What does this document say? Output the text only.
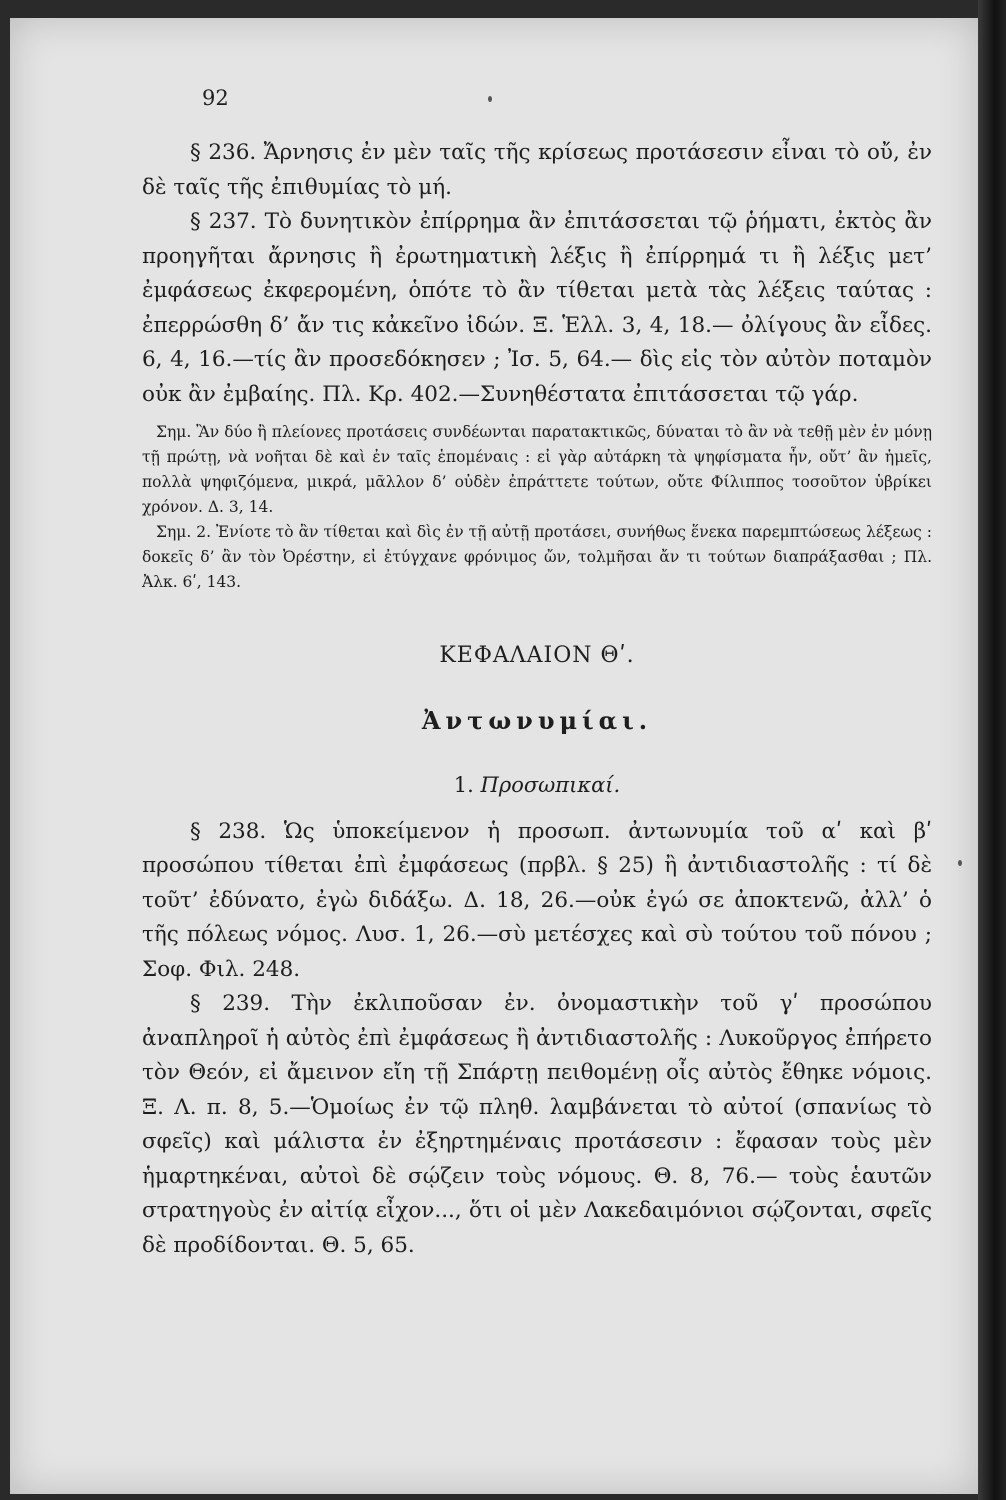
92

§ 236. Ἄρνησις ἐν μὲν ταῖς τῆς κρίσεως προτάσεσιν εἶναι τὸ οὔ, ἐν δὲ ταῖς τῆς ἐπιθυμίας τὸ μή.

§ 237. Τὸ δυνητικὸν ἐπίρρημα ἂν ἐπιτάσσεται τῷ ῥήματι, ἐκτὸς ἂν προηγῆται ἄρνησις ἢ ἐρωτηματικὴ λέξις ἢ ἐπίρρημά τι ἢ λέξις μετ’ ἐμφάσεως ἐκφερομένη, ὁπότε τὸ ἂν τίθεται μετὰ τὰς λέξεις ταύτας : ἐπερρώσθη δ’ ἄν τις κἀκεῖνο ἰδών. Ξ. Ἑλλ. 3, 4, 18.— ὀλίγους ἂν εἶδες. 6, 4, 16.—τίς ἂν προσεδόκησεν ; Ἰσ. 5, 64.— δὶς εἰς τὸν αὐτὸν ποταμὸν οὐκ ἂν ἐμβαίης. Πλ. Κρ. 402.—Συνηθέστατα ἐπιτάσσεται τῷ γάρ.

Σημ. Ἂν δύο ἢ πλείονες προτάσεις συνδέωνται παρατακτικῶς, δύναται τὸ ἂν νὰ τεθῇ μὲν ἐν μόνῃ τῇ πρώτῃ, νὰ νοῆται δὲ καὶ ἐν ταῖς ἑπομέναις : εἰ γὰρ αὐτάρκη τὰ ψηφίσματα ἦν, οὔτ’ ἂν ἡμεῖς, πολλὰ ψηφιζόμενα, μικρά, μᾶλλον δ’ οὐδὲν ἐπράττετε τούτων, οὔτε Φίλιππος τοσοῦτον ὑβρίκει χρόνον. Δ. 3, 14.

Σημ. 2. Ἐνίοτε τὸ ἂν τίθεται καὶ δὶς ἐν τῇ αὐτῇ προτάσει, συνήθως ἕνεκα παρεμπτώσεως λέξεως : δοκεῖς δ’ ἂν τὸν Ὀρέστην, εἰ ἐτύγχανε φρόνιμος ὤν, τολμῆσαι ἄν τι τούτων διαπράξασθαι ; Πλ. Ἀλκ. 6ʹ, 143.

ΚΕΦΑΛΑΙΟΝ Θʹ.
Ἀντωνυμίαι.
1. Προσωπικαί.

§ 238. Ὡς ὑποκείμενον ἡ προσωπ. ἀντωνυμία τοῦ αʹ καὶ βʹ προσώπου τίθεται ἐπὶ ἐμφάσεως (πρβλ. § 25) ἢ ἀντιδιαστολῆς : τί δὲ τοῦτ’ ἐδύνατο, ἐγὼ διδάξω. Δ. 18, 26.—οὐκ ἐγώ σε ἀποκτενῶ, ἀλλ’ ὁ τῆς πόλεως νόμος. Λυσ. 1, 26.—σὺ μετέσχες καὶ σὺ τούτου τοῦ πόνου ; Σοφ. Φιλ. 248.

§ 239. Τὴν ἐκλιποῦσαν ἐν. ὀνομαστικὴν τοῦ γʹ προσώπου ἀναπληροῖ ἡ αὐτὸς ἐπὶ ἐμφάσεως ἢ ἀντιδιαστολῆς : Λυκοῦργος ἐπήρετο τὸν Θεόν, εἰ ἄμεινον εἴη τῇ Σπάρτῃ πειθομένῃ οἷς αὐτὸς ἔθηκε νόμοις. Ξ. Λ. π. 8, 5.—Ὁμοίως ἐν τῷ πληθ. λαμβάνεται τὸ αὐτοί (σπανίως τὸ σφεῖς) καὶ μάλιστα ἐν ἐξηρτημέναις προτάσεσιν : ἔφασαν τοὺς μὲν ἡμαρτηκέναι, αὐτοὶ δὲ σῴζειν τοὺς νόμους. Θ. 8, 76.— τοὺς ἑαυτῶν στρατηγοὺς ἐν αἰτίᾳ εἶχον..., ὅτι οἱ μὲν Λακεδαιμόνιοι σῴζονται, σφεῖς δὲ προδίδονται. Θ. 5, 65.
